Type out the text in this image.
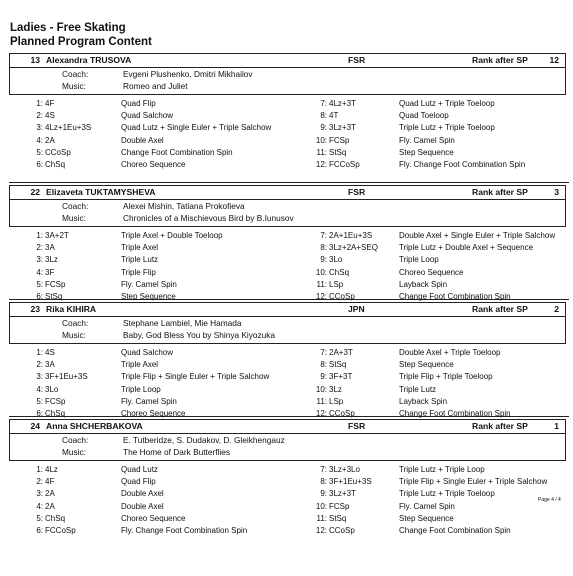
Ladies - Free Skating
Planned Program Content
13 Alexandra TRUSOVA	FSR	Rank after SP	12
Coach:	Evgeni Plushenko, Dmitri Mikhailov
Music:	Romeo and Juliet
1: 4F	Quad Flip
2: 4S	Quad Salchow
3: 4Lz+1Eu+3S	Quad Lutz + Single Euler + Triple Salchow
4: 2A	Double Axel
5: CCoSp	Change Foot Combination Spin
6: ChSq	Choreo Sequence
7: 4Lz+3T	Quad Lutz + Triple Toeloop
8: 4T	Quad Toeloop
9: 3Lz+3T	Triple Lutz + Triple Toeloop
10: FCSp	Fly. Camel Spin
11: StSq	Step Sequence
12: FCCoSp	Fly. Change Foot Combination Spin
22 Elizaveta TUKTAMYSHEVA	FSR	Rank after SP	3
Coach:	Alexei Mishin, Tatiana Prokofieva
Music:	Chronicles of a Mischievous Bird by B.Iunusov
1: 3A+2T	Triple Axel + Double Toeloop
2: 3A	Triple Axel
3: 3Lz	Triple Lutz
4: 3F	Triple Flip
5: FCSp	Fly. Camel Spin
6: StSq	Step Sequence
7: 2A+1Eu+3S	Double Axel + Single Euler + Triple Salchow
8: 3Lz+2A+SEQ	Triple Lutz + Double Axel + Sequence
9: 3Lo	Triple Loop
10: ChSq	Choreo Sequence
11: LSp	Layback Spin
12: CCoSp	Change Foot Combination Spin
23 Rika KIHIRA	JPN	Rank after SP	2
Coach:	Stephane Lambiel, Mie Hamada
Music:	Baby, God Bless You by Shinya Kiyozuka
1: 4S	Quad Salchow
2: 3A	Triple Axel
3: 3F+1Eu+3S	Triple Flip + Single Euler + Triple Salchow
4: 3Lo	Triple Loop
5: FCSp	Fly. Camel Spin
6: ChSq	Choreo Sequence
7: 2A+3T	Double Axel + Triple Toeloop
8: StSq	Step Sequence
9: 3F+3T	Triple Flip + Triple Toeloop
10: 3Lz	Triple Lutz
11: LSp	Layback Spin
12: CCoSp	Change Foot Combination Spin
24 Anna SHCHERBAKOVA	FSR	Rank after SP	1
Coach:	E. Tutberidze, S. Dudakov, D. Gleikhengauz
Music:	The Home of Dark Butterflies
1: 4Lz	Quad Lutz
2: 4F	Quad Flip
3: 2A	Double Axel
4: 2A	Double Axel
5: ChSq	Choreo Sequence
6: FCCoSp	Fly. Change Foot Combination Spin
7: 3Lz+3Lo	Triple Lutz + Triple Loop
8: 3F+1Eu+3S	Triple Flip + Single Euler + Triple Salchow
9: 3Lz+3T	Triple Lutz + Triple Toeloop
10: FCSp	Fly. Camel Spin
11: StSq	Step Sequence
12: CCoSp	Change Foot Combination Spin
Page 4 / 4
